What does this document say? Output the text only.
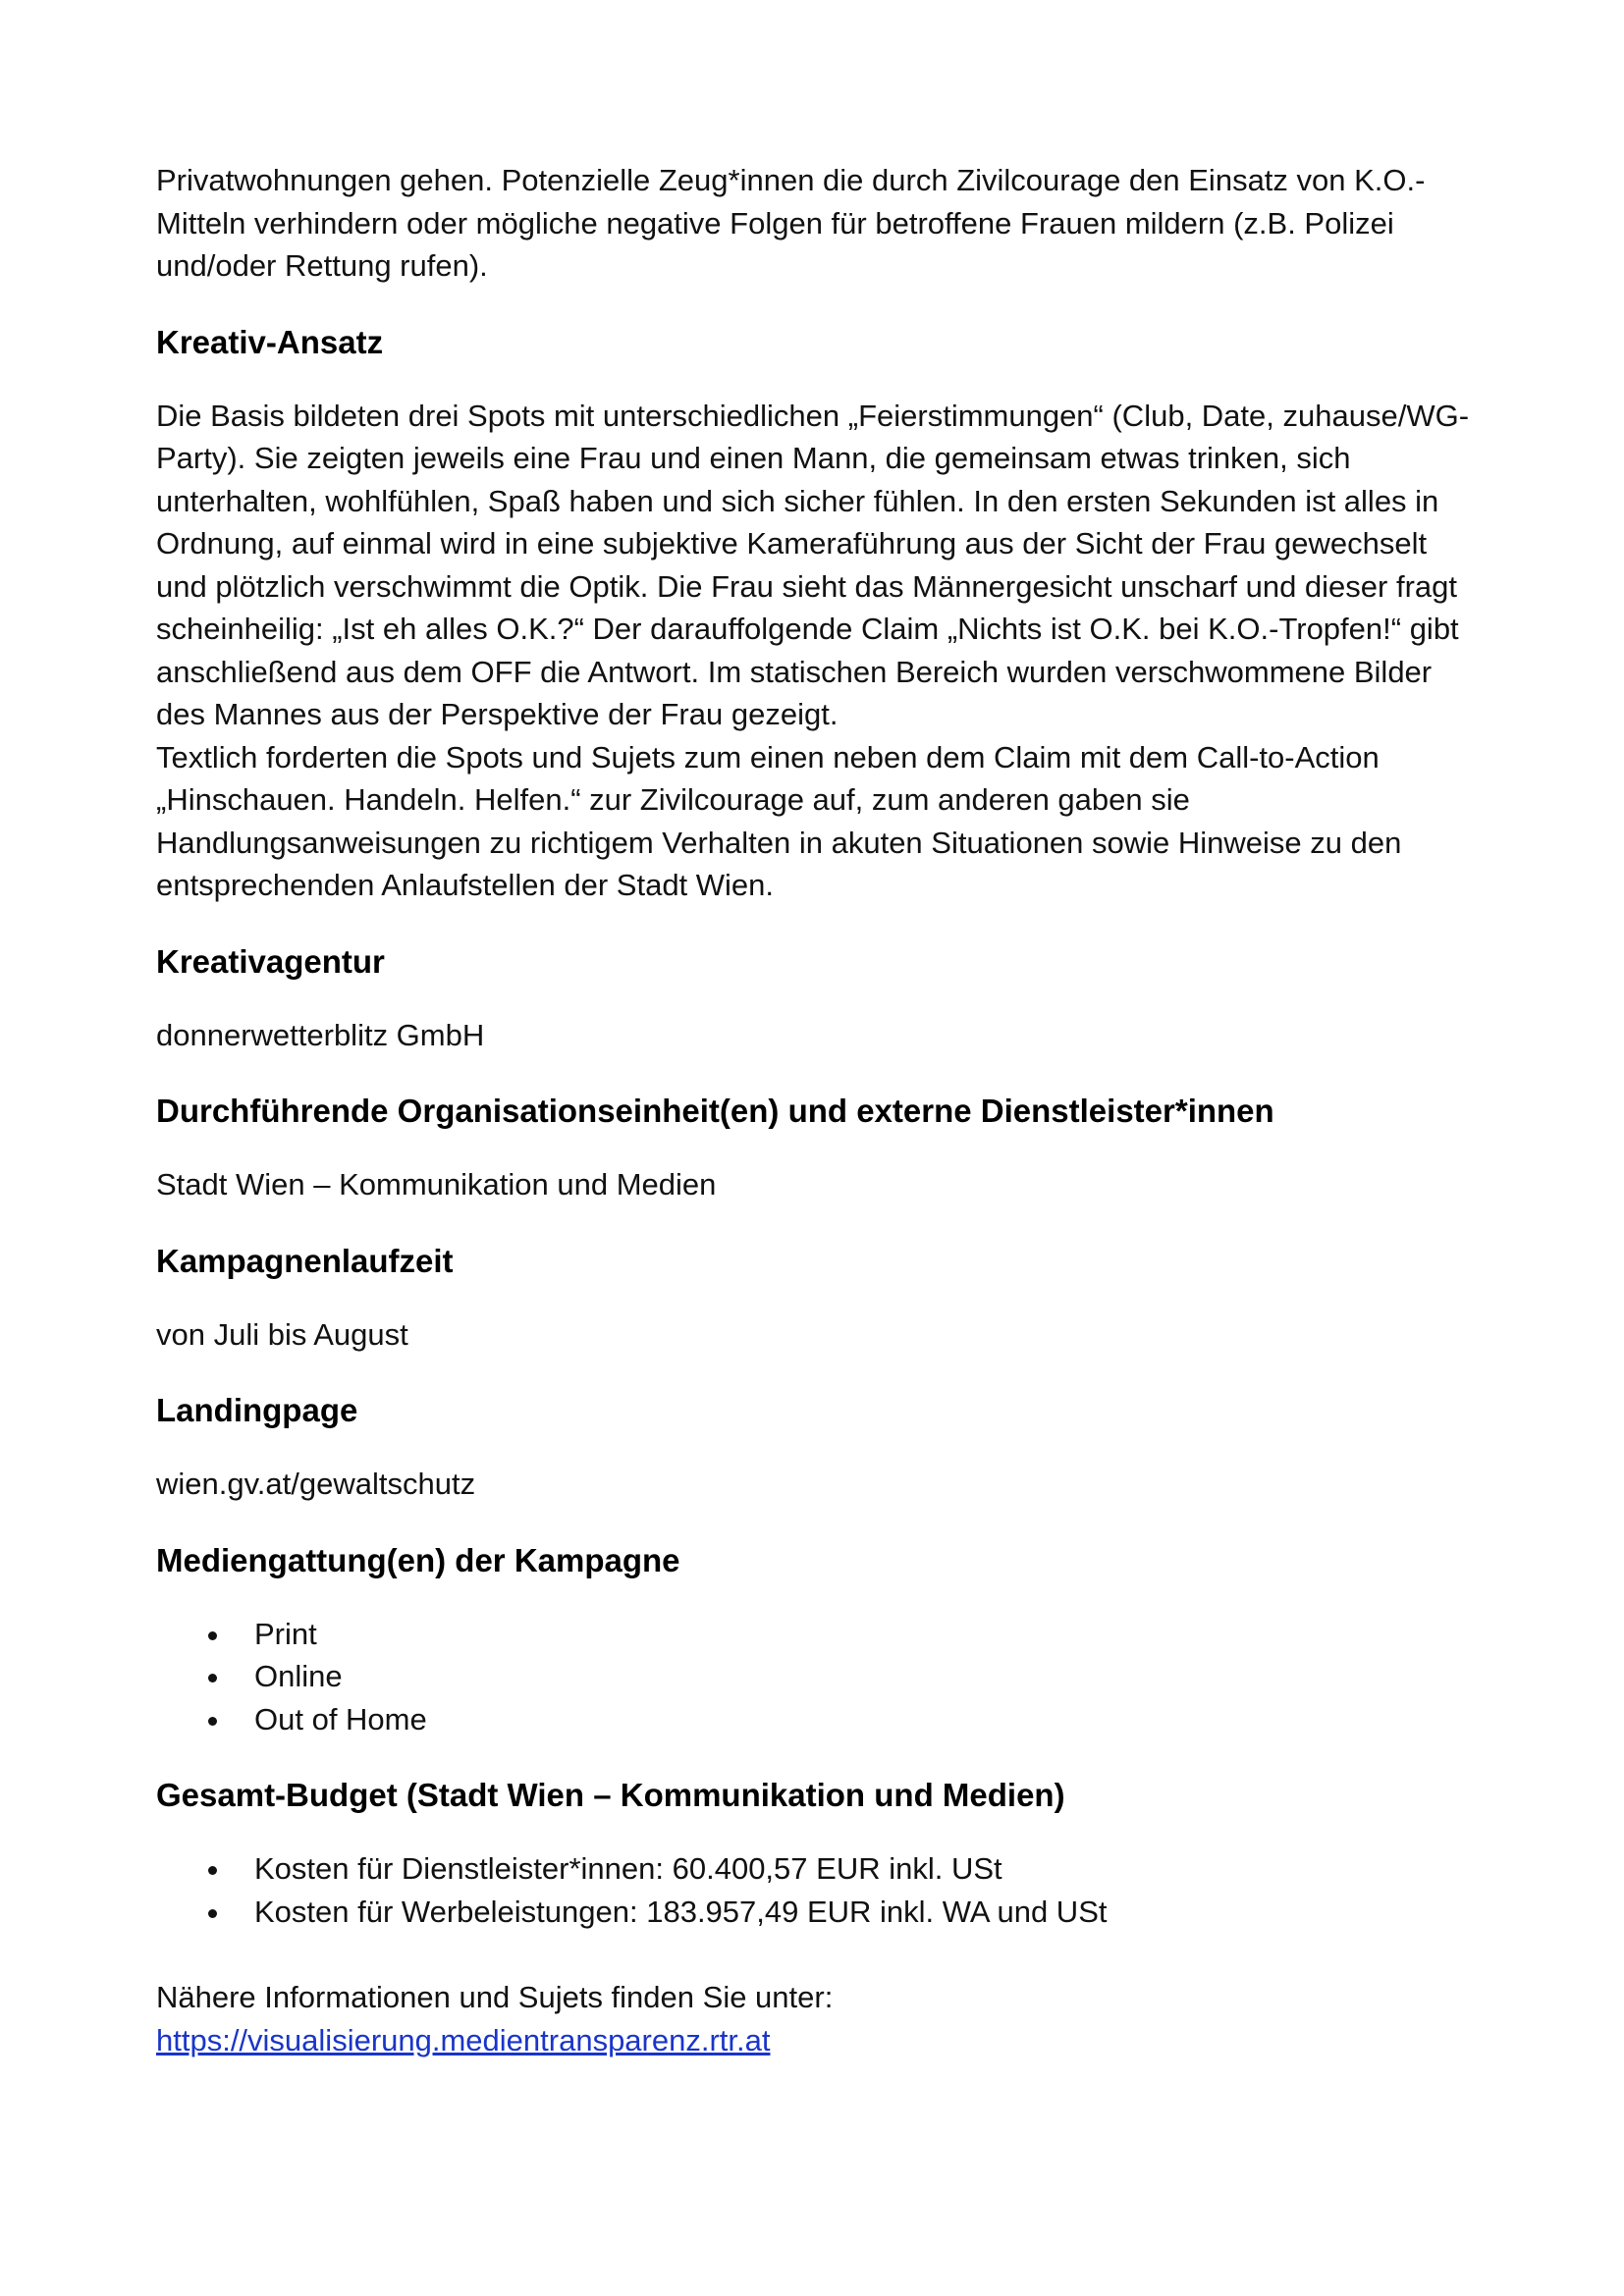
Privatwohnungen gehen. Potenzielle Zeug*innen die durch Zivilcourage den Einsatz von K.O.-Mitteln verhindern oder mögliche negative Folgen für betroffene Frauen mildern (z.B. Polizei und/oder Rettung rufen).

Kreativ-Ansatz

Die Basis bildeten drei Spots mit unterschiedlichen „Feierstimmungen“ (Club, Date, zuhause/WG-Party). Sie zeigten jeweils eine Frau und einen Mann, die gemeinsam etwas trinken, sich unterhalten, wohlfühlen, Spaß haben und sich sicher fühlen. In den ersten Sekunden ist alles in Ordnung, auf einmal wird in eine subjektive Kameraführung aus der Sicht der Frau gewechselt und plötzlich verschwimmt die Optik. Die Frau sieht das Männergesicht unscharf und dieser fragt scheinheilig: „Ist eh alles O.K.?“ Der darauffolgende Claim „Nichts ist O.K. bei K.O.-Tropfen!“ gibt anschließend aus dem OFF die Antwort. Im statischen Bereich wurden verschwommene Bilder des Mannes aus der Perspektive der Frau gezeigt.

Textlich forderten die Spots und Sujets zum einen neben dem Claim mit dem Call-to-Action „Hinschauen. Handeln. Helfen.“ zur Zivilcourage auf, zum anderen gaben sie Handlungsanweisungen zu richtigem Verhalten in akuten Situationen sowie Hinweise zu den entsprechenden Anlaufstellen der Stadt Wien.

Kreativagentur

donnerwetterblitz GmbH

Durchführende Organisationseinheit(en) und externe Dienstleister*innen

Stadt Wien – Kommunikation und Medien

Kampagnenlaufzeit

von Juli bis August

Landingpage

wien.gv.at/gewaltschutz

Mediengattung(en) der Kampagne
Print
Online
Out of Home
Gesamt-Budget (Stadt Wien – Kommunikation und Medien)
Kosten für Dienstleister*innen: 60.400,57 EUR inkl. USt
Kosten für Werbeleistungen: 183.957,49 EUR inkl. WA und USt

Nähere Informationen und Sujets finden Sie unter:

https://visualisierung.medientransparenz.rtr.at
